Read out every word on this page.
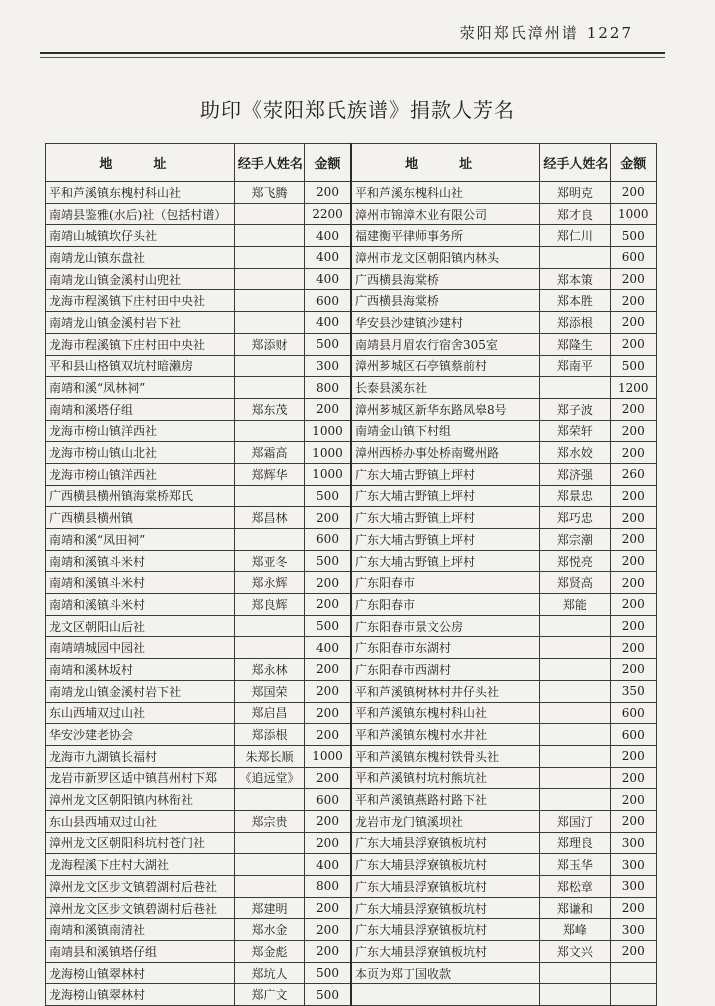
荥阳郑氏漳州谱 1227
助印《荥阳郑氏族谱》捐款人芳名
地　址	经手人姓名	金额	地　址	经手人姓名	金额
平和芦溪镇东槐村科山社	郑飞腾	200	平和芦溪东槐科山社	郑明克	200
南靖县鉴雅(水后)社（包括村谱）		2200	漳州市锦漳木业有限公司	郑才良	1000
南靖山城镇坎仔头社		400	福建衡平律师事务所	郑仁川	500
南靖龙山镇东盘社		400	漳州市龙文区朝阳镇内林头		600
南靖龙山镇金溪村山兜社		400	广西横县海棠桥	郑本策	200
龙海市程溪镇下庄村田中央社		600	广西横县海棠桥	郑本胜	200
南靖龙山镇金溪村岩下社		400	华安县沙建镇沙建村	郑添根	200
龙海市程溪镇下庄村田中央社	郑添财	500	南靖县月眉农行宿舍305室	郑隆生	200
平和县山格镇双坑村暗濑房		300	漳州芗城区石亭镇蔡前村	郑南平	500
南靖和溪“凤林祠”		800	长泰县溪东社		1200
南靖和溪塔仔组	郑东茂	200	漳州芗城区新华东路凤皋8号	郑子波	200
龙海市榜山镇洋西社		1000	南靖金山镇下村组	郑荣轩	200
龙海市榜山镇山北社	郑霜高	1000	漳州西桥办事处桥南鹭州路	郑水姣	200
龙海市榜山镇洋西社	郑辉华	1000	广东大埔古野镇上坪村	郑济强	260
广西横县横州镇海棠桥郑氏		500	广东大埔古野镇上坪村	郑景忠	200
广西横县横州镇	郑昌林	200	广东大埔古野镇上坪村	郑巧忠	200
南靖和溪“凤田祠”		600	广东大埔古野镇上坪村	郑宗潮	200
南靖和溪镇斗米村	郑亚冬	500	广东大埔古野镇上坪村	郑悦亮	200
南靖和溪镇斗米村	郑永辉	200	广东阳春市	郑贤高	200
南靖和溪镇斗米村	郑良辉	200	广东阳春市	郑能	200
龙文区朝阳山后社		500	广东阳春市景文公房		200
南靖靖城园中园社		400	广东阳春市东湖村		200
南靖和溪林坂村	郑永林	200	广东阳春市西湖村		200
南靖龙山镇金溪村岩下社	郑国荣	200	平和芦溪镇树林村井仔头社		350
东山西埔双过山社	郑启昌	200	平和芦溪镇东槐村科山社		600
华安沙建老协会	郑添根	200	平和芦溪镇东槐村水井社		600
龙海市九湖镇长福村	朱郑长顺	1000	平和芦溪镇东槐村铁骨头社		200
龙岩市新罗区适中镇莒州村下郑	《追远堂》	200	平和芦溪镇村坑村熊坑社		200
漳州龙文区朝阳镇内林衔社		600	平和芦溪镇燕路村路下社		200
东山县西埔双过山社	郑宗贵	200	龙岩市龙门镇溪坝社	郑国汀	200
漳州龙文区朝阳科坑村苍门社		200	广东大埔县浮寮镇板坑村	郑理良	300
龙海程溪下庄村大湖社		400	广东大埔县浮寮镇板坑村	郑玉华	300
漳州龙文区步文镇碧湖村后巷社		800	广东大埔县浮寮镇板坑村	郑松章	300
漳州龙文区步文镇碧湖村后巷社	郑建明	200	广东大埔县浮寮镇板坑村	郑谦和	200
南靖和溪镇南清社	郑水金	200	广东大埔县浮寮镇板坑村	郑峰	300
南靖县和溪镇塔仔组	郑金彪	200	广东大埔县浮寮镇板坑村	郑文兴	200
龙海榜山镇翠林村	郑坑人	500	本页为郑丁国收款		
龙海榜山镇翠林村	郑广文	500			
